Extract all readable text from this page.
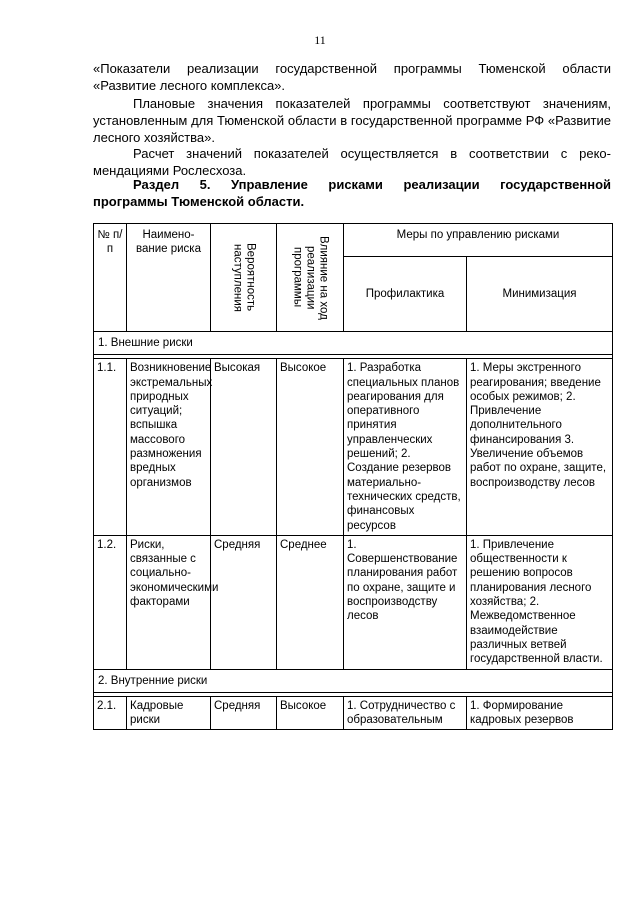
11

«Показатели реализации государственной программы Тюменской области «Развитие лесного комплекса».

Плановые значения показателей программы соответствуют значениям, установленным для Тюменской области в государственной программе РФ «Развитие лесного хозяйства».

Расчет значений показателей осуществляется в соответствии с реко-мендациями Рослесхоза.

Раздел 5. Управление рисками реализации государственной
программы Тюменской области.
№ п/п	Наимено-вание риска	Вероятность наступления	Влияние на ход реализации программы	Меры по управлению рисками	
				Профилактика	Минимизация
1. Внешние риски					

1.1.	Возникновение экстремальных природных ситуаций; вспышка массового размножения вредных организмов	Высокая	Высокое	1. Разработка специальных планов реагирования для оперативного принятия управленческих решений; 2. Создание резервов материально-технических средств, финансовых ресурсов	1. Меры экстренного реагирования; введение особых режимов; 2. Привлечение дополнительного финансирования 3. Увеличение объемов работ по охране, защите, воспроизводству лесов
1.2.	Риски, связанные с социально-экономическими факторами	Средняя	Среднее	1. Совершенствование планирования работ по охране, защите и воспроизводству лесов	1. Привлечение общественности к решению вопросов планирования лесного хозяйства; 2. Межведомственное взаимодействие различных ветвей государственной власти.
2. Внутренние риски					

2.1.	Кадровые риски	Средняя	Высокое	1. Сотрудничество с образовательным	1. Формирование кадровых резервов
